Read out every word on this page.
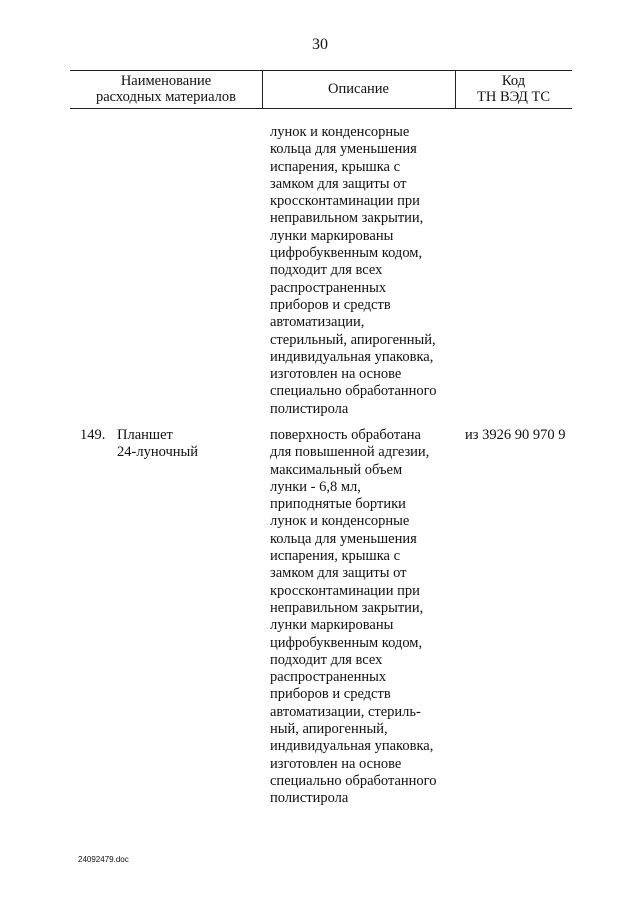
30
Наименование
расходных материалов	Описание	Код
ТН ВЭД ТС
лунок и конденсорные
кольца для уменьшения
испарения, крышка с
замком для защиты от
кроссконтаминации при
неправильном закрытии,
лунки маркированы
цифробуквенным кодом,
подходит для всех
распространенных
приборов и средств
автоматизации,
стерильный, апирогенный,
индивидуальная упаковка,
изготовлен на основе
специально обработанного
полистирола
149. Планшет
24-луночный
поверхность обработана
для повышенной адгезии,
максимальный объем
лунки - 6,8 мл,
приподнятые бортики
лунок и конденсорные
кольца для уменьшения
испарения, крышка с
замком для защиты от
кроссконтаминации при
неправильном закрытии,
лунки маркированы
цифробуквенным кодом,
подходит для всех
распространенных
приборов и средств
автоматизации, стериль-
ный, апирогенный,
индивидуальная упаковка,
изготовлен на основе
специально обработанного
полистирола
из 3926 90 970 9
24092479.doc
